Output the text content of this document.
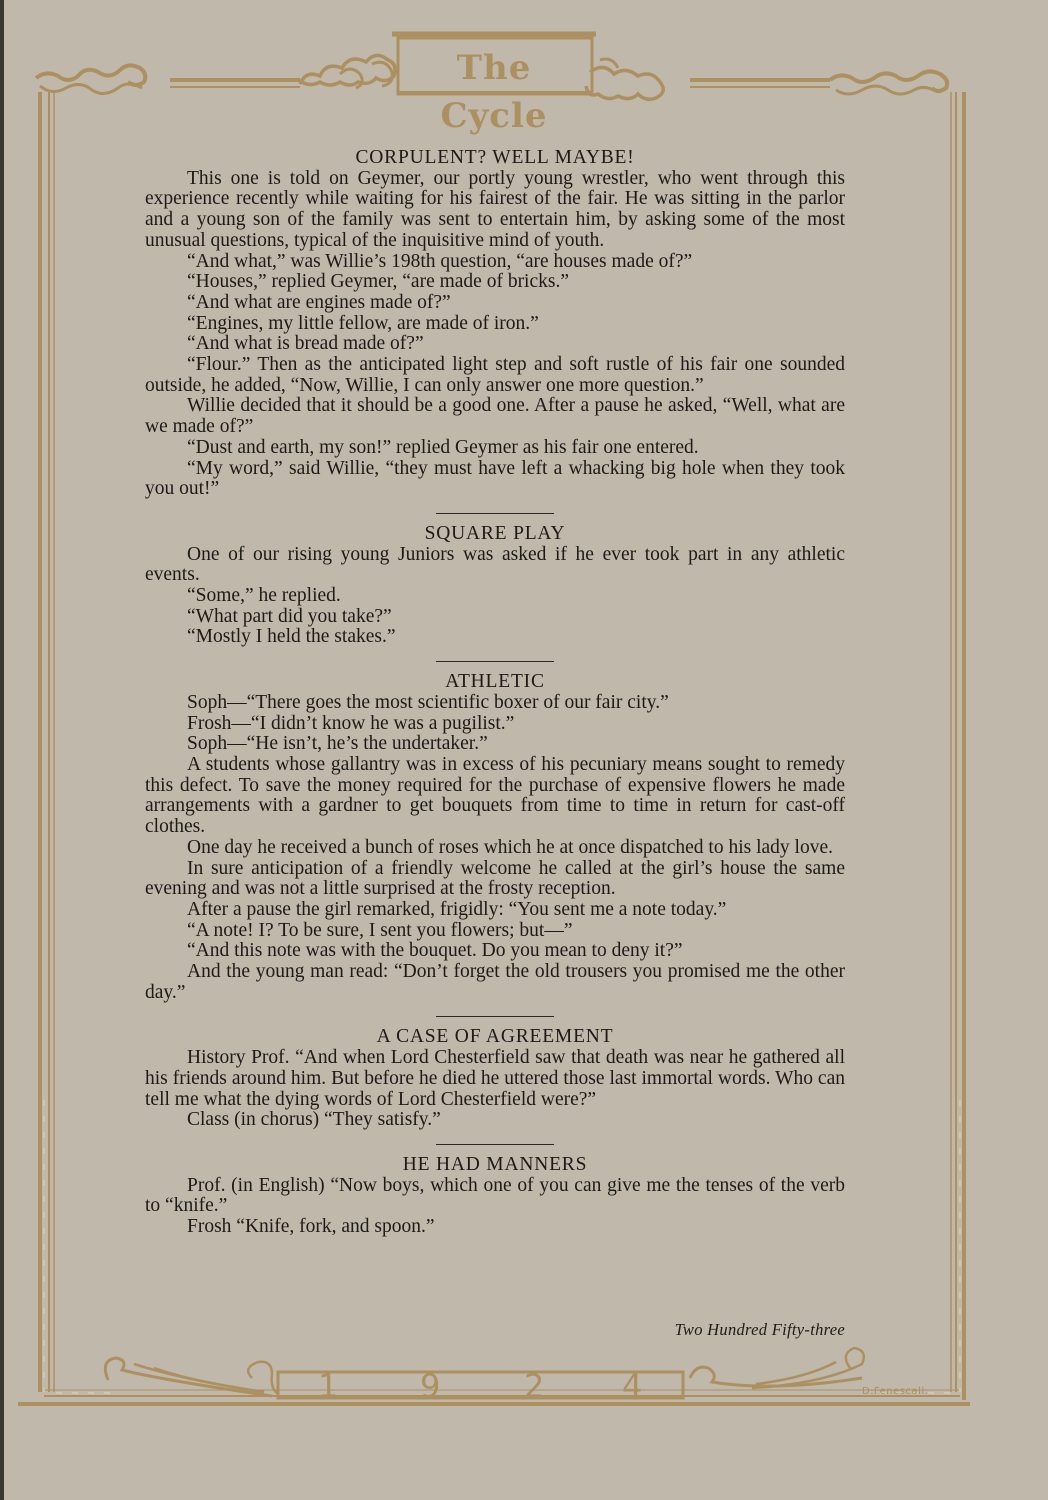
The Cycle
1	9	2 4	D.Fenescall.
CORPULENT? WELL MAYBE!

This one is told on Geymer, our portly young wrestler, who went through this experience recently while waiting for his fairest of the fair. He was sitting in the parlor and a young son of the family was sent to entertain him, by asking some of the most unusual questions, typical of the inquisitive mind of youth.

“And what,” was Willie’s 198th question, “are houses made of?”

“Houses,” replied Geymer, “are made of bricks.”

“And what are engines made of?”

“Engines, my little fellow, are made of iron.”

“And what is bread made of?”

“Flour.” Then as the anticipated light step and soft rustle of his fair one sounded outside, he added, “Now, Willie, I can only answer one more question.”

Willie decided that it should be a good one. After a pause he asked, “Well, what are we made of?”

“Dust and earth, my son!” replied Geymer as his fair one entered.

“My word,” said Willie, “they must have left a whacking big hole when they took you out!”

SQUARE PLAY

One of our rising young Juniors was asked if he ever took part in any athletic events.

“Some,” he replied.

“What part did you take?”

“Mostly I held the stakes.”

ATHLETIC

Soph—“There goes the most scientific boxer of our fair city.”

Frosh—“I didn’t know he was a pugilist.”

Soph—“He isn’t, he’s the undertaker.”

A students whose gallantry was in excess of his pecuniary means sought to remedy this defect. To save the money required for the purchase of expensive flowers he made arrangements with a gardner to get bouquets from time to time in return for cast-off clothes.

One day he received a bunch of roses which he at once dispatched to his lady love.

In sure anticipation of a friendly welcome he called at the girl’s house the same evening and was not a little surprised at the frosty reception.

After a pause the girl remarked, frigidly: “You sent me a note today.”

“A note! I? To be sure, I sent you flowers; but—”

“And this note was with the bouquet. Do you mean to deny it?”

And the young man read: “Don’t forget the old trousers you promised me the other day.”

A CASE OF AGREEMENT

History Prof. “And when Lord Chesterfield saw that death was near he gathered all his friends around him. But before he died he uttered those last immortal words. Who can tell me what the dying words of Lord Chesterfield were?”

Class (in chorus) “They satisfy.”

HE HAD MANNERS

Prof. (in English) “Now boys, which one of you can give me the tenses of the verb to “knife.”

Frosh “Knife, fork, and spoon.”

Two Hundred Fifty-three
